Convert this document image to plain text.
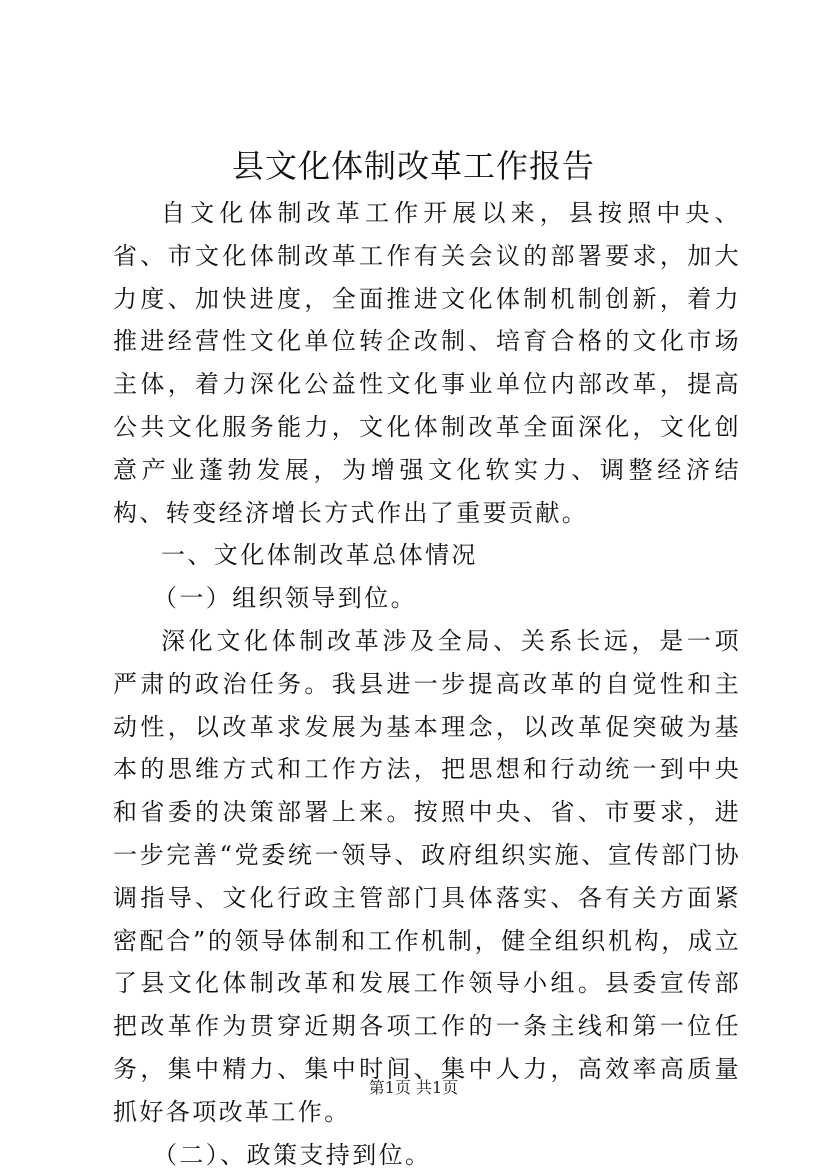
县文化体制改革工作报告

自文化体制改革工作开展以来，县按照中央、省、市文化体制改革工作有关会议的部署要求，加大力度、加快进度，全面推进文化体制机制创新，着力推进经营性文化单位转企改制、培育合格的文化市场主体，着力深化公益性文化事业单位内部改革，提高公共文化服务能力，文化体制改革全面深化，文化创意产业蓬勃发展，为增强文化软实力、调整经济结构、转变经济增长方式作出了重要贡献。

一、文化体制改革总体情况

（一）组织领导到位。

深化文化体制改革涉及全局、关系长远，是一项严肃的政治任务。我县进一步提高改革的自觉性和主动性，以改革求发展为基本理念，以改革促突破为基本的思维方式和工作方法，把思想和行动统一到中央和省委的决策部署上来。按照中央、省、市要求，进一步完善“党委统一领导、政府组织实施、宣传部门协调指导、文化行政主管部门具体落实、各有关方面紧密配合”的领导体制和工作机制，健全组织机构，成立了县文化体制改革和发展工作领导小组。县委宣传部把改革作为贯穿近期各项工作的一条主线和第一位任务，集中精力、集中时间、集中人力，高效率高质量抓好各项改革工作。

（二）、政策支持到位。

第1页 共1页
